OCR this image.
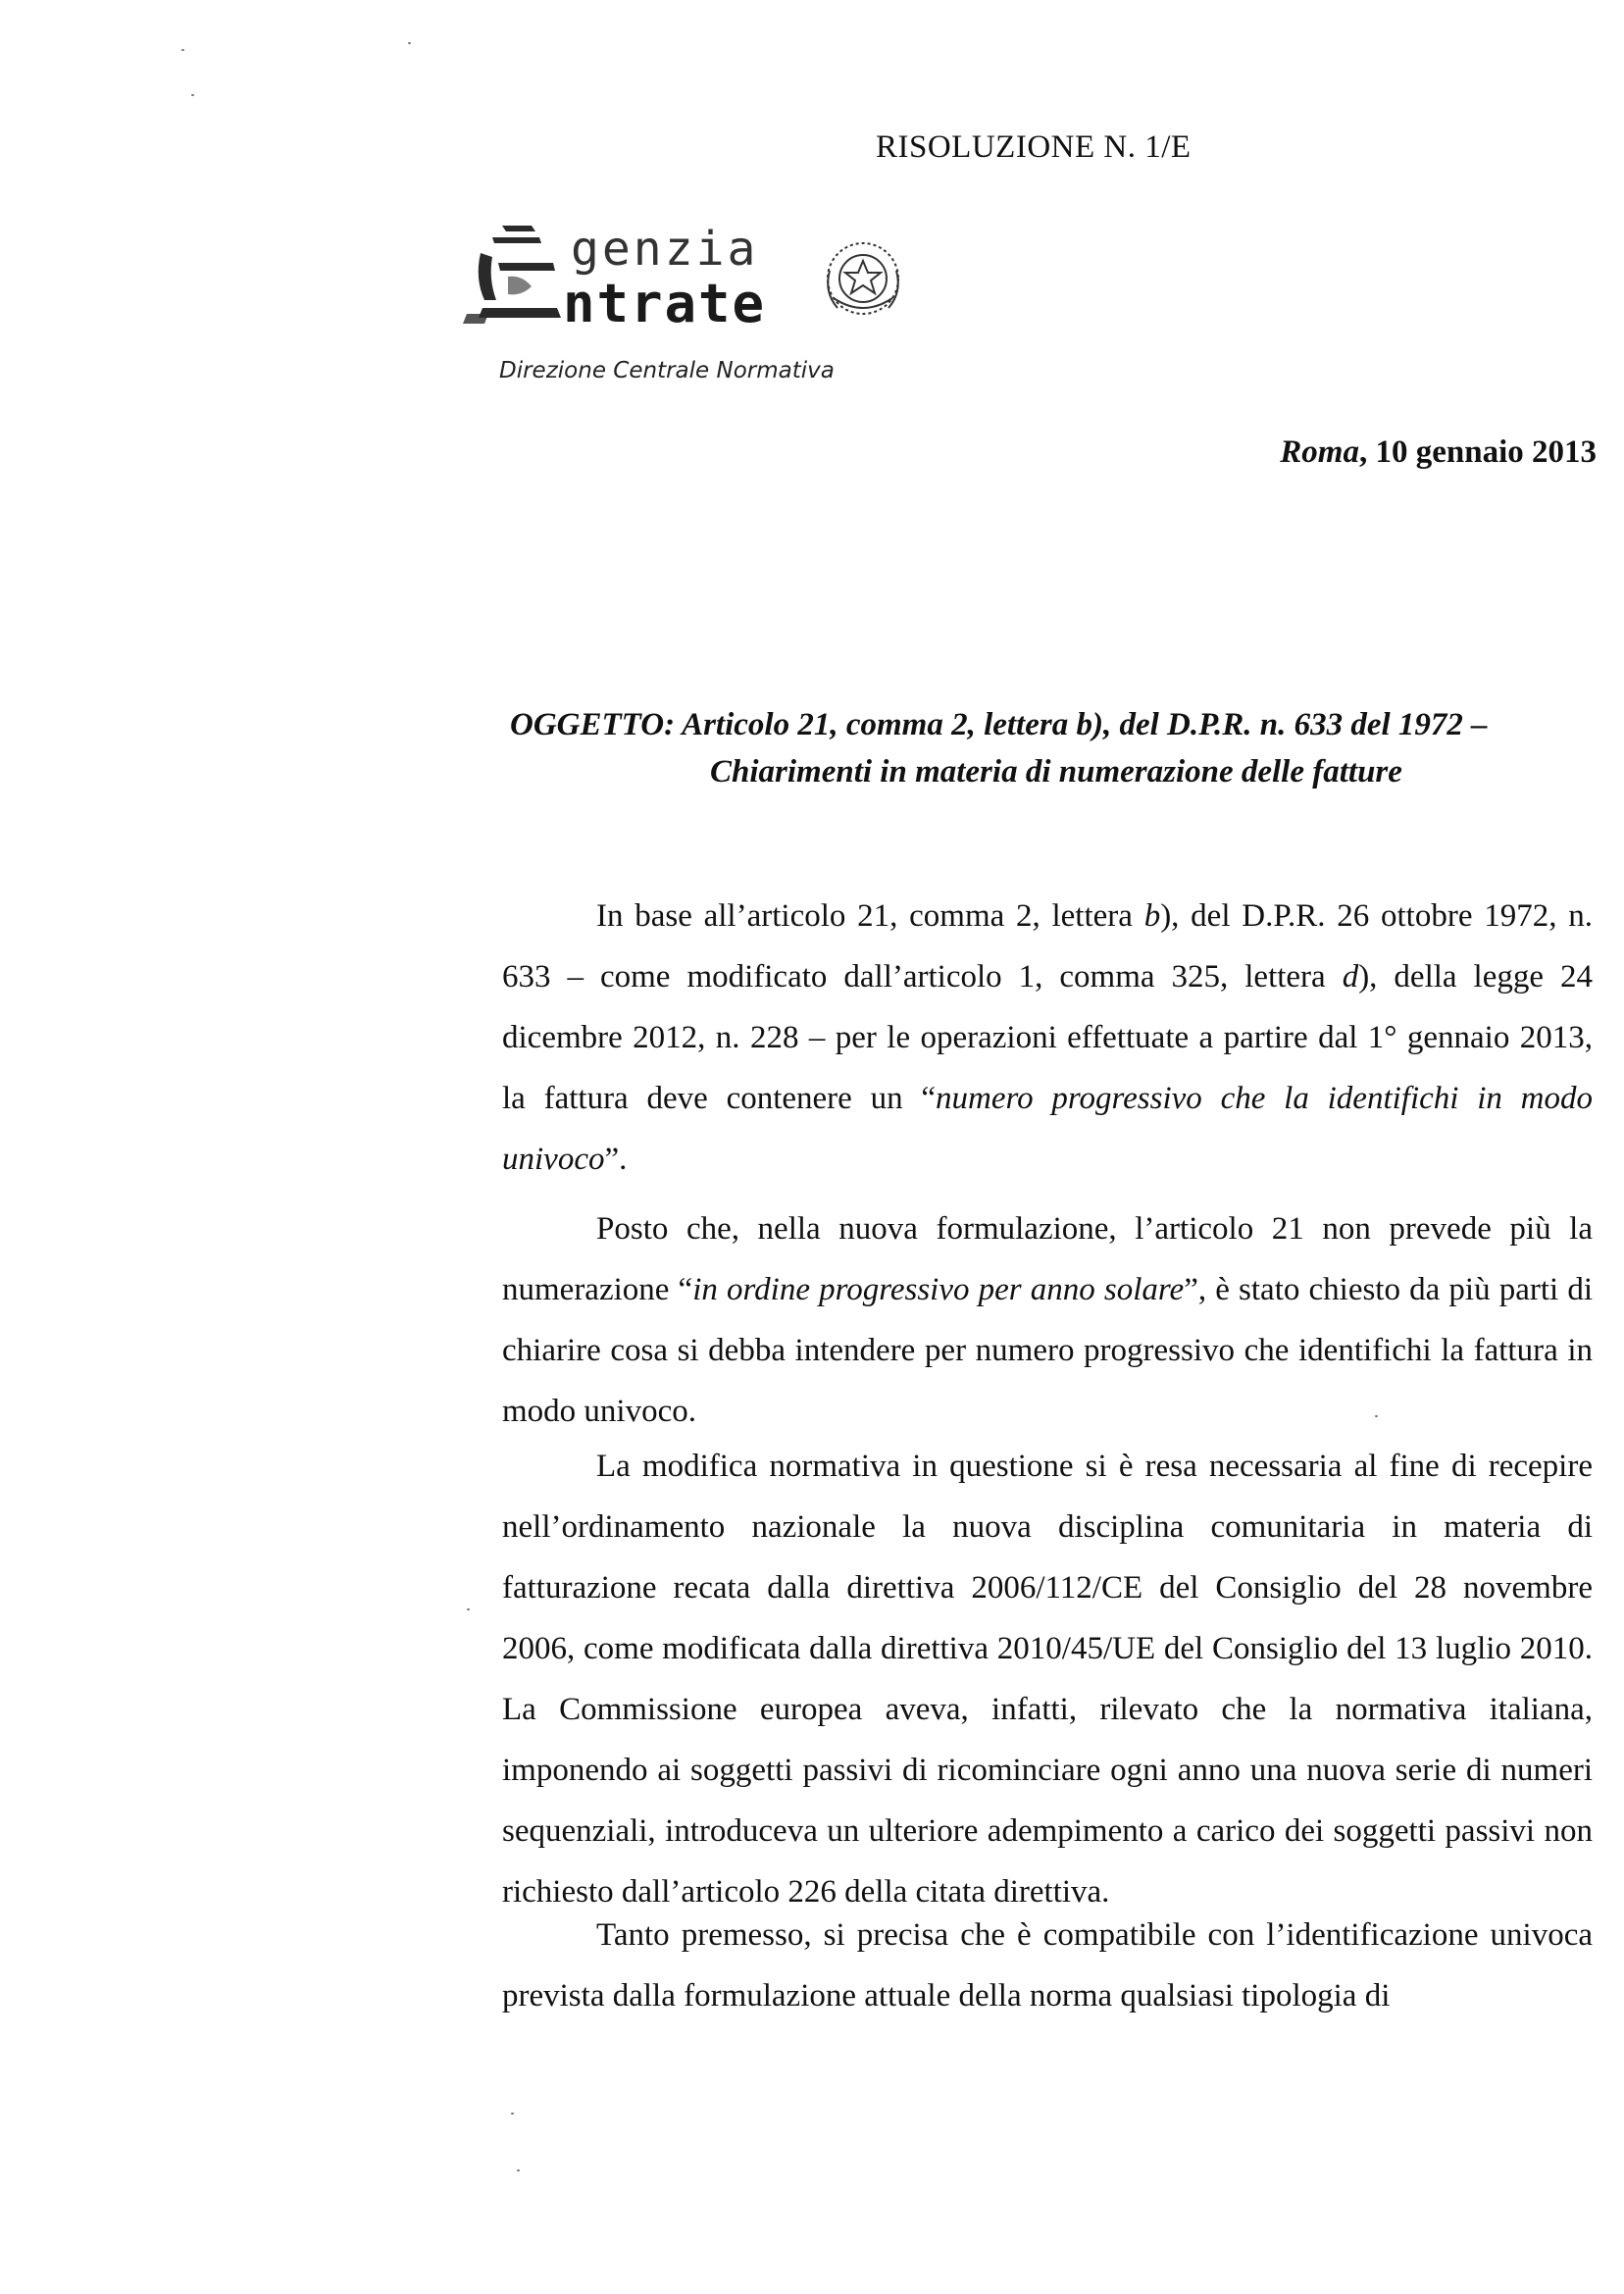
RISOLUZIONE N. 1/E
genzia
ntrate
Direzione Centrale Normativa
Roma, 10 gennaio 2013
OGGETTO: Articolo 21, comma 2, lettera b), del D.P.R. n. 633 del 1972 –
Chiarimenti in materia di numerazione delle fatture
In base all’articolo 21, comma 2, lettera b), del D.P.R. 26 ottobre 1972, n. 633 – come modificato dall’articolo 1, comma 325, lettera d), della legge 24 dicembre 2012, n. 228 – per le operazioni effettuate a partire dal 1° gennaio 2013, la fattura deve contenere un “numero progressivo che la identifichi in modo univoco”.
Posto che, nella nuova formulazione, l’articolo 21 non prevede più la numerazione “in ordine progressivo per anno solare”, è stato chiesto da più parti di chiarire cosa si debba intendere per numero progressivo che identifichi la fattura in modo univoco.
La modifica normativa in questione si è resa necessaria al fine di recepire nell’ordinamento nazionale la nuova disciplina comunitaria in materia di fatturazione recata dalla direttiva 2006/112/CE del Consiglio del 28 novembre 2006, come modificata dalla direttiva 2010/45/UE del Consiglio del 13 luglio 2010. La Commissione europea aveva, infatti, rilevato che la normativa italiana, imponendo ai soggetti passivi di ricominciare ogni anno una nuova serie di numeri sequenziali, introduceva un ulteriore adempimento a carico dei soggetti passivi non richiesto dall’articolo 226 della citata direttiva.
Tanto premesso, si precisa che è compatibile con l’identificazione univoca prevista dalla formulazione attuale della norma qualsiasi tipologia di
